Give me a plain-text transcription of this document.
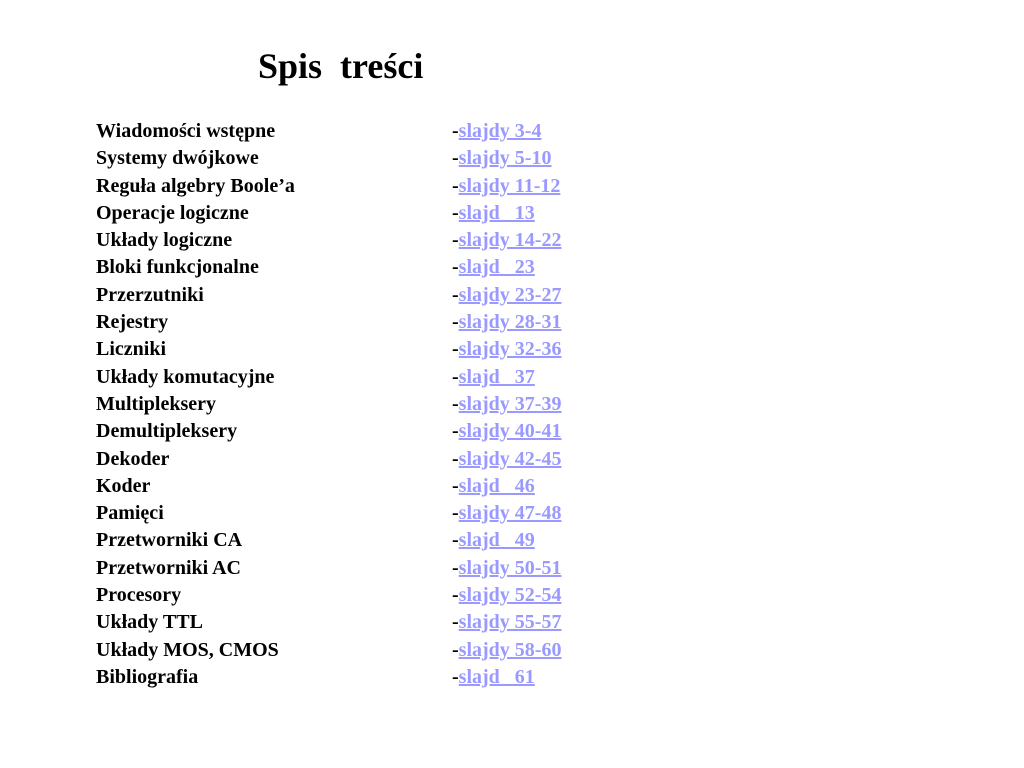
Spis  treści
Wiadomości wstępne	-slajdy 3-4
Systemy dwójkowe	-slajdy 5-10
Reguła algebry Boole’a	-slajdy 11-12
Operacje logiczne	-slajd   13
Układy logiczne	-slajdy 14-22
Bloki funkcjonalne	-slajd   23
Przerzutniki	-slajdy 23-27
Rejestry	-slajdy 28-31
Liczniki	-slajdy 32-36
Układy komutacyjne	-slajd   37
Multipleksery	-slajdy 37-39
Demultipleksery	-slajdy 40-41
Dekoder	-slajdy 42-45
Koder	-slajd   46
Pamięci	-slajdy 47-48
Przetworniki CA	-slajd   49
Przetworniki AC	-slajdy 50-51
Procesory	-slajdy 52-54
Układy TTL	-slajdy 55-57
Układy MOS, CMOS	-slajdy 58-60
Bibliografia	-slajd   61
